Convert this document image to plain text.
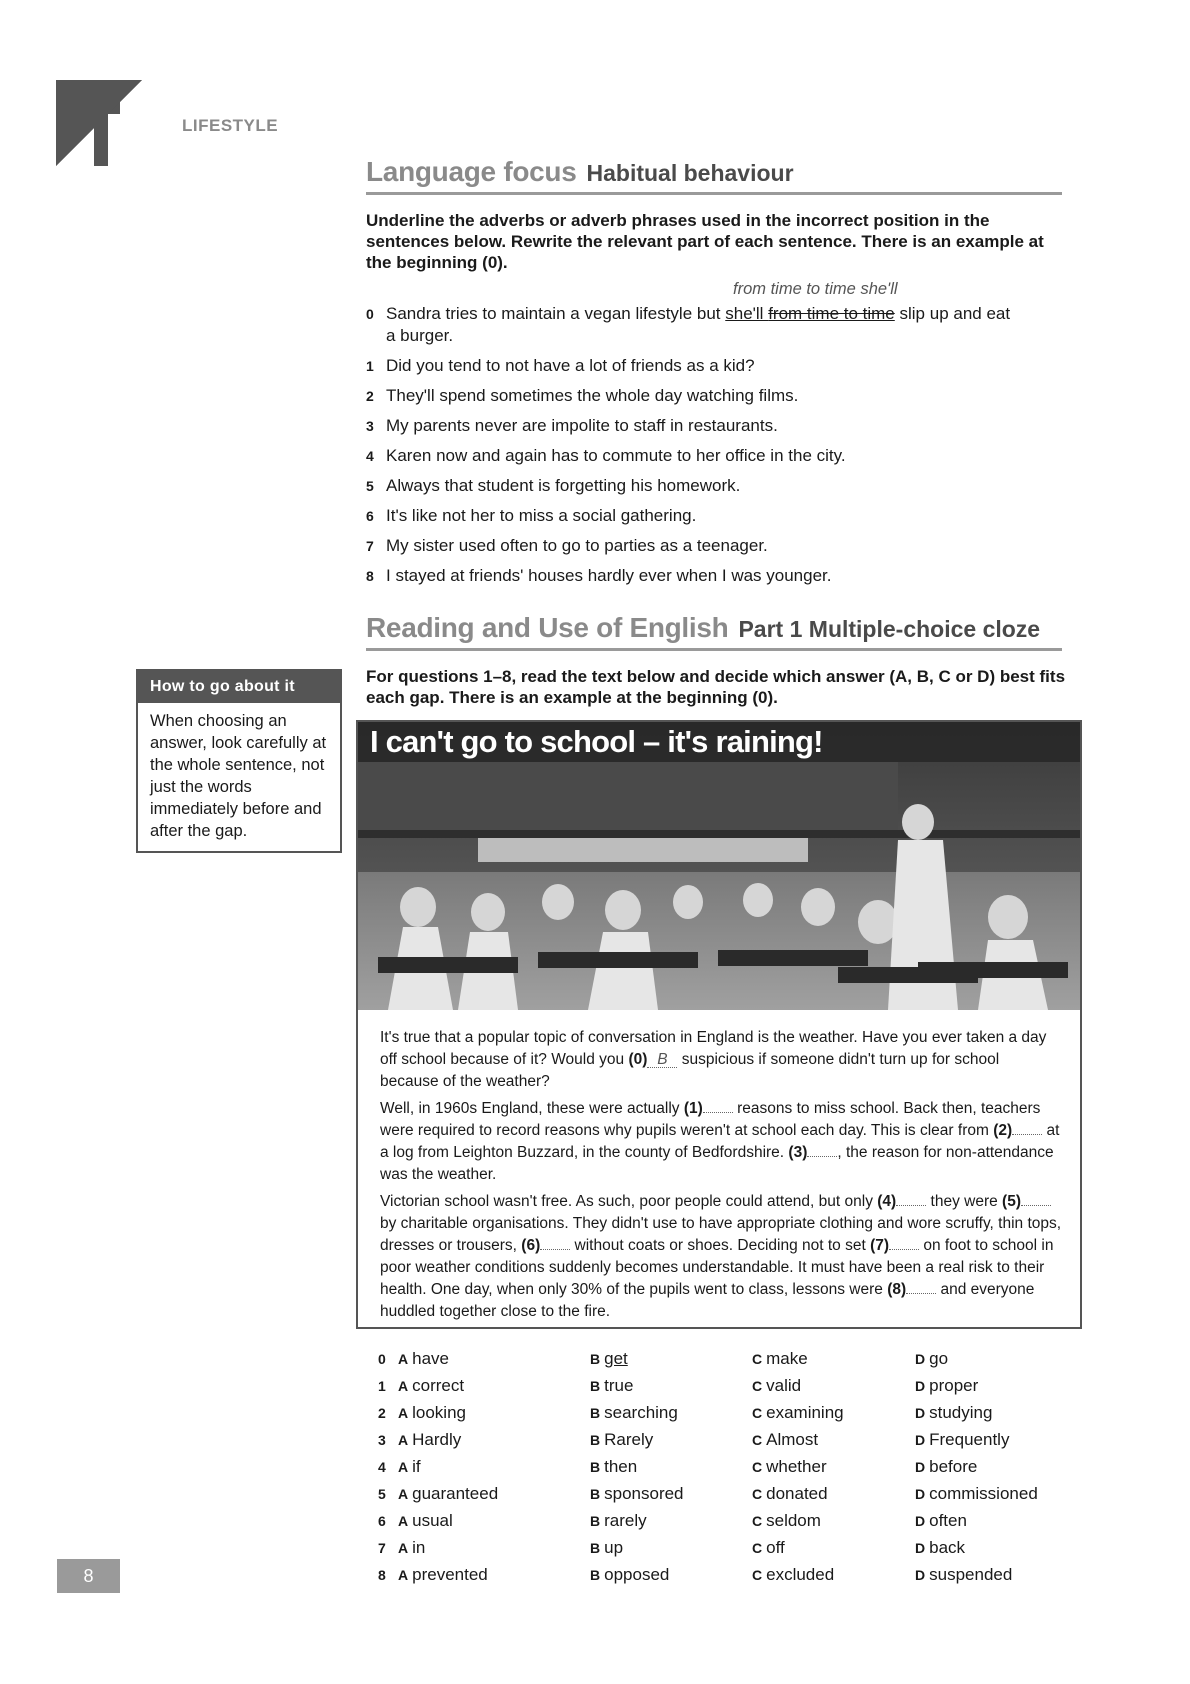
LIFESTYLE
Language focus Habitual behaviour
Underline the adverbs or adverb phrases used in the incorrect position in the sentences below. Rewrite the relevant part of each sentence. There is an example at the beginning (0).
from time to time she'll
0 Sandra tries to maintain a vegan lifestyle but she'll from time to time slip up and eat
a burger.
1 Did you tend to not have a lot of friends as a kid?
2 They'll spend sometimes the whole day watching films.
3 My parents never are impolite to staff in restaurants.
4 Karen now and again has to commute to her office in the city.
5 Always that student is forgetting his homework.
6 It's like not her to miss a social gathering.
7 My sister used often to go to parties as a teenager.
8 I stayed at friends' houses hardly ever when I was younger.
Reading and Use of English Part 1 Multiple-choice cloze
For questions 1–8, read the text below and decide which answer (A, B, C or D) best fits each gap. There is an example at the beginning (0).
How to go about it
When choosing an answer, look carefully at the whole sentence, not just the words immediately before and after the gap.
I can't go to school – it's raining!

It's true that a popular topic of conversation in England is the weather. Have you ever taken a day off school because of it? Would you (0) B suspicious if someone didn't turn up for school because of the weather?

Well, in 1960s England, these were actually (1) reasons to miss school. Back then, teachers were required to record reasons why pupils weren't at school each day. This is clear from (2) at a log from Leighton Buzzard, in the county of Bedfordshire. (3) , the reason for non-attendance was the weather.

Victorian school wasn't free. As such, poor people could attend, but only (4) they were (5) by charitable organisations. They didn't use to have appropriate clothing and wore scruffy, thin tops, dresses or trousers, (6) without coats or shoes. Deciding not to set (7) on foot to school in poor weather conditions suddenly becomes understandable. It must have been a real risk to their health. One day, when only 30% of the pupils went to class, lessons were (8) and everyone huddled together close to the fire.

0 A have	B get	C make	D go
1 A correct	B true	C valid	D proper
2 A looking	B searching	C examining	D studying
3 A Hardly	B Rarely	C Almost	D Frequently
4 A if	B then	C whether	D before
5 A guaranteed	B sponsored	C donated	D commissioned
6 A usual	B rarely	C seldom	D often
7 A in	B up	C off	D back
8 A prevented	B opposed	C excluded	D suspended
8
